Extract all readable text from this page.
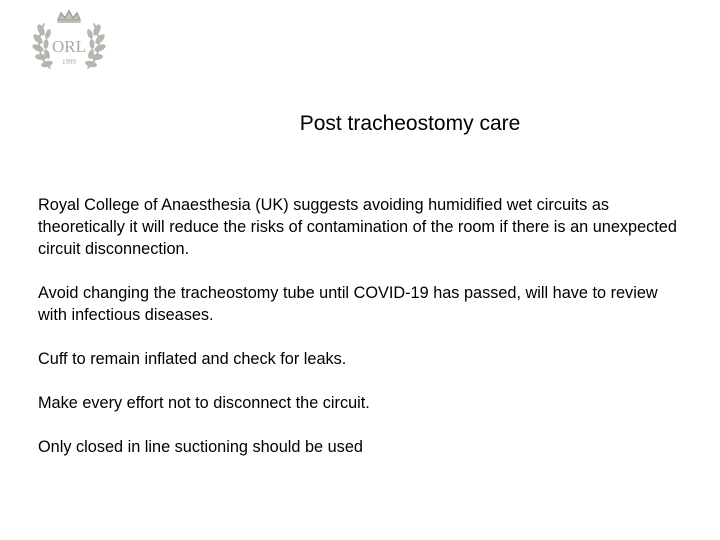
ORL
1999
Post tracheostomy care

Royal College of Anaesthesia (UK) suggests avoiding humidified wet circuits as theoretically it will reduce the risks of contamination of the room if there is an unexpected circuit disconnection.

Avoid changing the tracheostomy tube until COVID-19 has passed, will have to review with infectious diseases.

Cuff to remain inflated and check for leaks.

Make every effort not to disconnect the circuit.

Only closed in line suctioning should be used
